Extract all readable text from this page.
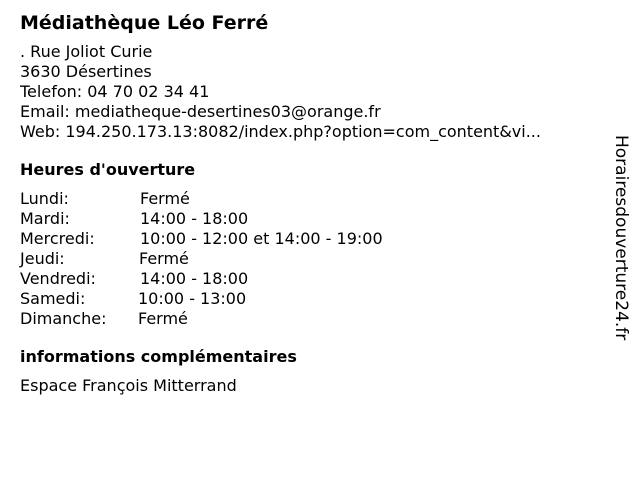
Médiathèque Léo Ferré
. Rue Joliot Curie
3630 Désertines
Telefon: 04 70 02 34 41
Email: mediatheque-desertines03@orange.fr
Web: 194.250.173.13:8082/index.php?option=com_content&vi...
Heures d'ouverture
Lundi:	Fermé
Mardi:	14:00 - 18:00
Mercredi:	10:00 - 12:00 et 14:00 - 19:00
Jeudi:	Fermé
Vendredi:	14:00 - 18:00
Samedi:	10:00 - 13:00
Dimanche: Fermé
informations complémentaires
Espace François Mitterrand
Horairesdouverture24.fr
